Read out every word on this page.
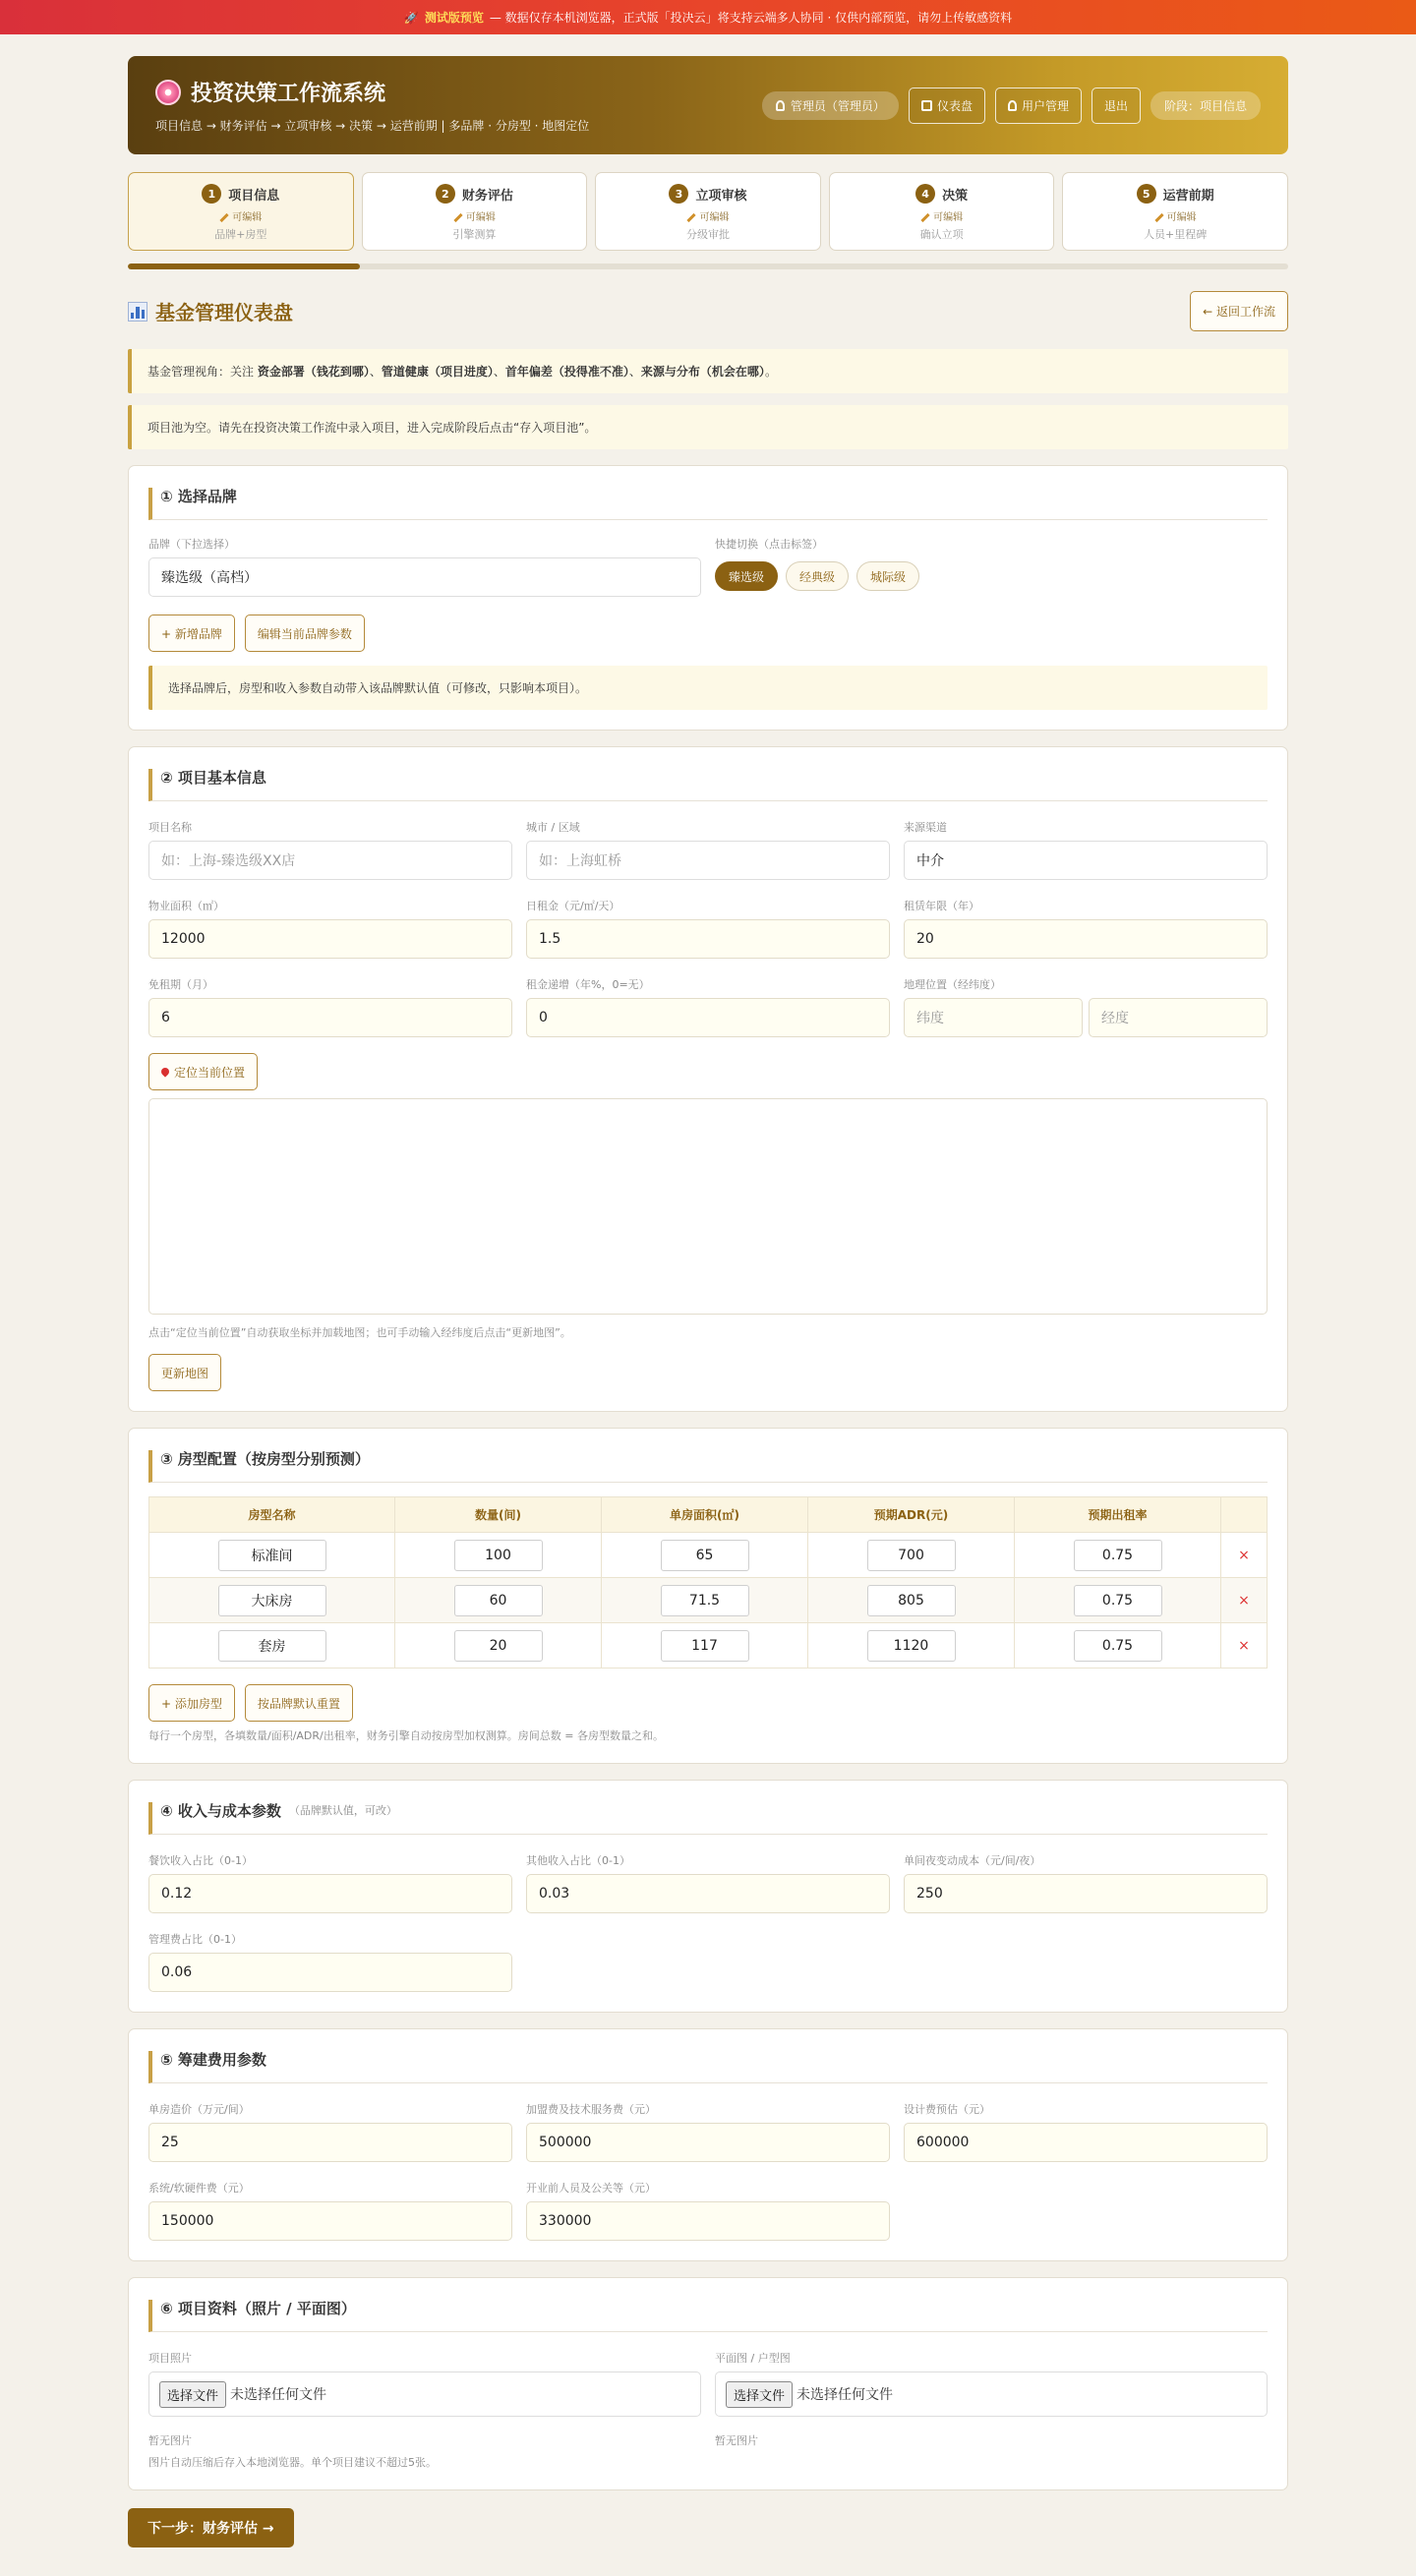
🚀 测试版预览 — 数据仅存本机浏览器，正式版「投决云」将支持云端多人协同 · 仅供内部预览，请勿上传敏感资料
投资决策工作流系统
项目信息 → 财务评估 → 立项审核 → 决策 → 运营前期 | 多品牌 · 分房型 · 地图定位
管理员（管理员）	仪表盘	用户管理	退出	阶段：项目信息
1	项目信息
可编辑
品牌+房型
2	财务评估
可编辑
引擎测算
3	立项审核
可编辑
分级审批
4	决策
可编辑
确认立项
5	运营前期
可编辑
人员+里程碑
基金管理仪表盘	← 返回工作流
基金管理视角：关注 资金部署（钱花到哪）、管道健康（项目进度）、首年偏差（投得准不准）、来源与分布（机会在哪）。
项目池为空。请先在投资决策工作流中录入项目，进入完成阶段后点击“存入项目池”。
① 选择品牌
品牌（下拉选择）
臻选级（高档）
快捷切换（点击标签）
臻选级	经典级	城际级
+ 新增品牌	编辑当前品牌参数
选择品牌后，房型和收入参数自动带入该品牌默认值（可修改，只影响本项目）。
② 项目基本信息
项目名称
如：上海-臻选级XX店
城市 / 区域
如：上海虹桥
来源渠道
中介
物业面积（㎡）
12000
日租金（元/㎡/天）
1.5
租赁年限（年）
20
免租期（月）
6
租金递增（年%，0=无）
0
地理位置（经纬度）
纬度	经度
定位当前位置
点击“定位当前位置”自动获取坐标并加载地图；也可手动输入经纬度后点击“更新地图”。
更新地图
③ 房型配置（按房型分别预测）
房型名称	数量(间)	单房面积(㎡)	预期ADR(元)	预期出租率	
标准间	100	65	700	0.75	×
大床房	60	71.5	805	0.75	×
套房	20	117	1120	0.75	×
+ 添加房型	按品牌默认重置
每行一个房型，各填数量/面积/ADR/出租率，财务引擎自动按房型加权测算。房间总数 = 各房型数量之和。
④ 收入与成本参数 （品牌默认值，可改）
餐饮收入占比（0-1）
0.12
其他收入占比（0-1）
0.03
单间夜变动成本（元/间/夜）
250
管理费占比（0-1）
0.06
⑤ 筹建费用参数
单房造价（万元/间）
25
加盟费及技术服务费（元）
500000
设计费预估（元）
600000
系统/软硬件费（元）
150000
开业前人员及公关等（元）
330000
⑥ 项目资料（照片 / 平面图）
项目照片
选择文件 未选择任何文件
暂无图片
图片自动压缩后存入本地浏览器。单个项目建议不超过5张。
平面图 / 户型图
选择文件 未选择任何文件
暂无图片
下一步：财务评估 →
